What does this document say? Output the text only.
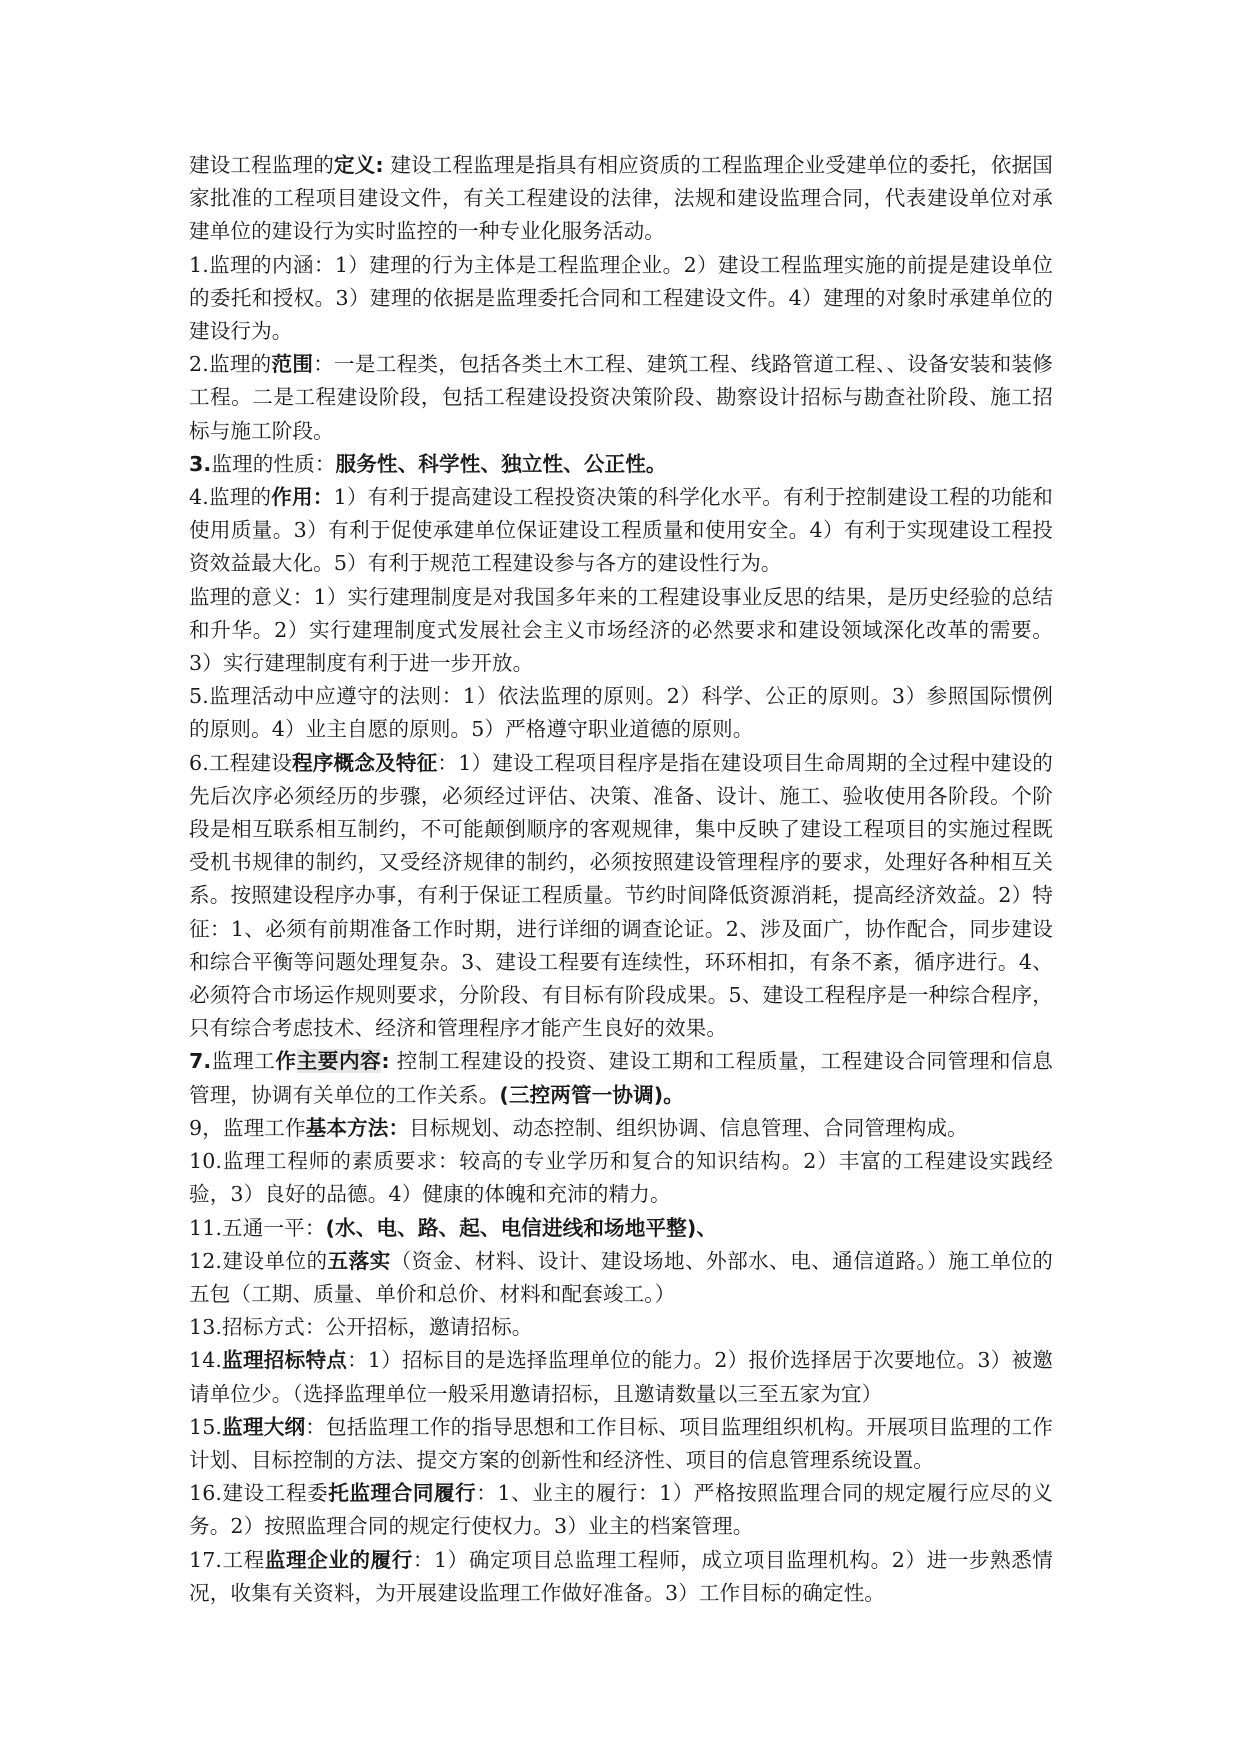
建设工程监理的定义: 建设工程监理是指具有相应资质的工程监理企业受建单位的委托，依据国家批准的工程项目建设文件，有关工程建设的法律，法规和建设监理合同，代表建设单位对承建单位的建设行为实时监控的一种专业化服务活动。

1.监理的内涵：1）建理的行为主体是工程监理企业。2）建设工程监理实施的前提是建设单位的委托和授权。3）建理的依据是监理委托合同和工程建设文件。4）建理的对象时承建单位的建设行为。

2.监理的范围：一是工程类，包括各类土木工程、建筑工程、线路管道工程、、设备安装和装修工程。二是工程建设阶段，包括工程建设投资决策阶段、勘察设计招标与勘查社阶段、施工招标与施工阶段。

3.监理的性质：服务性、科学性、独立性、公正性。

4.监理的作用：1）有利于提高建设工程投资决策的科学化水平。有利于控制建设工程的功能和使用质量。3）有利于促使承建单位保证建设工程质量和使用安全。4）有利于实现建设工程投资效益最大化。5）有利于规范工程建设参与各方的建设性行为。

监理的意义：1）实行建理制度是对我国多年来的工程建设事业反思的结果，是历史经验的总结和升华。2）实行建理制度式发展社会主义市场经济的必然要求和建设领域深化改革的需要。3）实行建理制度有利于进一步开放。

5.监理活动中应遵守的法则：1）依法监理的原则。2）科学、公正的原则。3）参照国际惯例的原则。4）业主自愿的原则。5）严格遵守职业道德的原则。

6.工程建设程序概念及特征：1）建设工程项目程序是指在建设项目生命周期的全过程中建设的先后次序必须经历的步骤，必须经过评估、决策、准备、设计、施工、验收使用各阶段。个阶段是相互联系相互制约，不可能颠倒顺序的客观规律，集中反映了建设工程项目的实施过程既受机书规律的制约，又受经济规律的制约，必须按照建设管理程序的要求，处理好各种相互关系。按照建设程序办事，有利于保证工程质量。节约时间降低资源消耗，提高经济效益。2）特征：1、必须有前期准备工作时期，进行详细的调查论证。2、涉及面广，协作配合，同步建设和综合平衡等问题处理复杂。3、建设工程要有连续性，环环相扣，有条不紊，循序进行。4、必须符合市场运作规则要求，分阶段、有目标有阶段成果。5、建设工程程序是一种综合程序，只有综合考虑技术、经济和管理程序才能产生良好的效果。

7.监理工作主要内容: 控制工程建设的投资、建设工期和工程质量，工程建设合同管理和信息管理，协调有关单位的工作关系。(三控两管一协调)。

9，监理工作基本方法：目标规划、动态控制、组织协调、信息管理、合同管理构成。

10.监理工程师的素质要求：较高的专业学历和复合的知识结构。2）丰富的工程建设实践经验，3）良好的品德。4）健康的体魄和充沛的精力。

11.五通一平：(水、电、路、起、电信进线和场地平整)、

12.建设单位的五落实（资金、材料、设计、建设场地、外部水、电、通信道路。）施工单位的五包（工期、质量、单价和总价、材料和配套竣工。）

13.招标方式：公开招标，邀请招标。

14.监理招标特点：1）招标目的是选择监理单位的能力。2）报价选择居于次要地位。3）被邀请单位少。（选择监理单位一般采用邀请招标，且邀请数量以三至五家为宜）

15.监理大纲：包括监理工作的指导思想和工作目标、项目监理组织机构。开展项目监理的工作计划、目标控制的方法、提交方案的创新性和经济性、项目的信息管理系统设置。

16.建设工程委托监理合同履行：1、业主的履行：1）严格按照监理合同的规定履行应尽的义务。2）按照监理合同的规定行使权力。3）业主的档案管理。

17.工程监理企业的履行：1）确定项目总监理工程师，成立项目监理机构。2）进一步熟悉情况，收集有关资料，为开展建设监理工作做好准备。3）工作目标的确定性。
